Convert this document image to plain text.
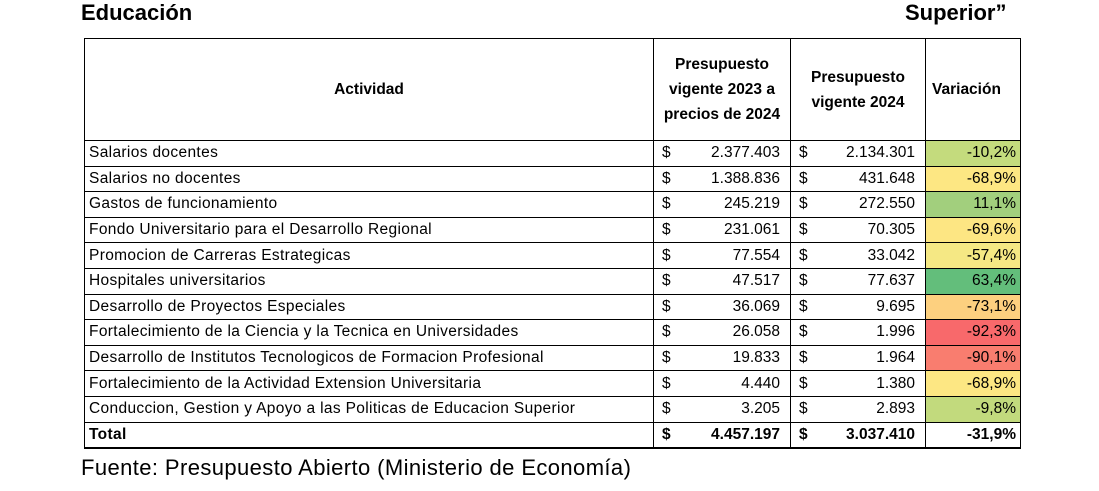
Educación	Superior”
Actividad	Presupuesto vigente 2023 a precios de 2024	Presupuesto vigente 2024	Variación
Salarios docentes	$ 2.377.403	$ 2.134.301	-10,2%
Salarios no docentes	$ 1.388.836	$ 431.648	-68,9%
Gastos de funcionamiento	$ 245.219	$ 272.550	11,1%
Fondo Universitario para el Desarrollo Regional	$ 231.061	$ 70.305	-69,6%
Promocion de Carreras Estrategicas	$ 77.554	$ 33.042	-57,4%
Hospitales universitarios	$ 47.517	$ 77.637	63,4%
Desarrollo de Proyectos Especiales	$ 36.069	$ 9.695	-73,1%
Fortalecimiento de la Ciencia y la Tecnica en Universidades	$ 26.058	$ 1.996	-92,3%
Desarrollo de Institutos Tecnologicos de Formacion Profesional	$ 19.833	$ 1.964	-90,1%
Fortalecimiento de la Actividad Extension Universitaria	$ 4.440	$ 1.380	-68,9%
Conduccion, Gestion y Apoyo a las Politicas de Educacion Superior	$ 3.205	$ 2.893	-9,8%
Total	$ 4.457.197	$ 3.037.410	-31,9%
Fuente: Presupuesto Abierto (Ministerio de Economía)
